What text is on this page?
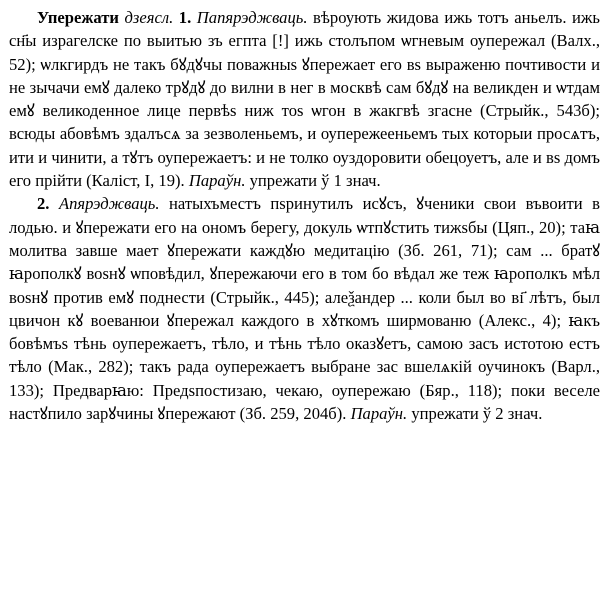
Упережати дзеясл. 1. Папярэджваць. вѣроують жидова ижь тотъ аньелъ. ижь сн҃ы израгелске по выитью зъ егпта [!] ижь столъпом ѡгневым оупережал (Валх., 52); ѡлкгирдъ не такъ бꙋдꙋчы поважныs ꙋпережает его вs выраженю почтивости и не зычачи емꙋ далеко трꙋдꙋ до вилни в нег в москвѣ сам бꙋдꙋ на великден и ѡтдам емꙋ великоденное лице первѣs ниж тоs ѡгон в жакгвѣ згасне (Стрыйк., 543б); всюды абовѣмъ здалъсѧ за зезволеньемъ, и оупережееньемъ тых которыи просѧтъ, ити и чинити, а тꙋтъ оупережаетъ: и не толко оуздоровити обецоуетъ, але и вs домъ его прійти (Калiст, I, 19). Параўн. упрежати ў 1 знач.

2. Апярэджваць. натыхъместъ пsринутилъ исꙋсъ, ꙋченики свои въвоити в лодью. и ꙋпережати его на ономъ берегу, докуль ѡтпꙋстить тижsбы (Цяп., 20); таꙗ молитва завше мает ꙋпережати каждꙋю медитацiю (Зб. 261, 71); сам ... братꙋ ꙗрополкꙋ воsнꙋ ѡповѣдил, ꙋпережаючи его в том бо вѣдал же теж ꙗрополкъ мѣл воsнꙋ против емꙋ поднести (Стрыйк., 445); алеѯандер ... коли был во вı҃ лѣтъ, был цвичон кꙋ воеванюи ꙋпережал каждого в хꙋткомъ ширмованю (Алекс., 4); ꙗкъ бовѣмъs тѣнь оупережаетъ, тѣло, и тѣнь тѣло оказꙋетъ, самою засъ истотою естъ тѣло (Мак., 282); такъ рада оупережаетъ выбране зас вшелѧкій оучинокъ (Варл., 133); Предварꙗю: Предsпостизаю, чекаю, оупережаю (Бяр., 118); поки веселе настꙋпило зарꙋчины ꙋпережают (Зб. 259, 204б). Параўн. упрежати ў 2 знач.
